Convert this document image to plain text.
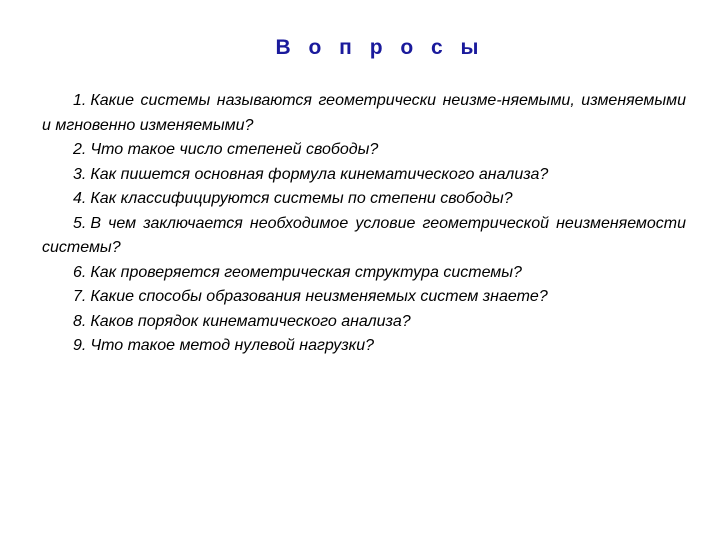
В о п р о с ы
1. Какие системы называются геометрически неизме-няемыми, изменяемыми и мгновенно изменяемыми?
2. Что такое число степеней свободы?
3. Как пишется основная формула кинематического анализа?
4. Как классифицируются системы по степени свободы?
5. В чем заключается необходимое условие геометрической неизменяемости системы?
6. Как проверяется геометрическая структура системы?
7. Какие способы образования неизменяемых систем знаете?
8. Каков порядок кинематического анализа?
9. Что такое метод нулевой нагрузки?
